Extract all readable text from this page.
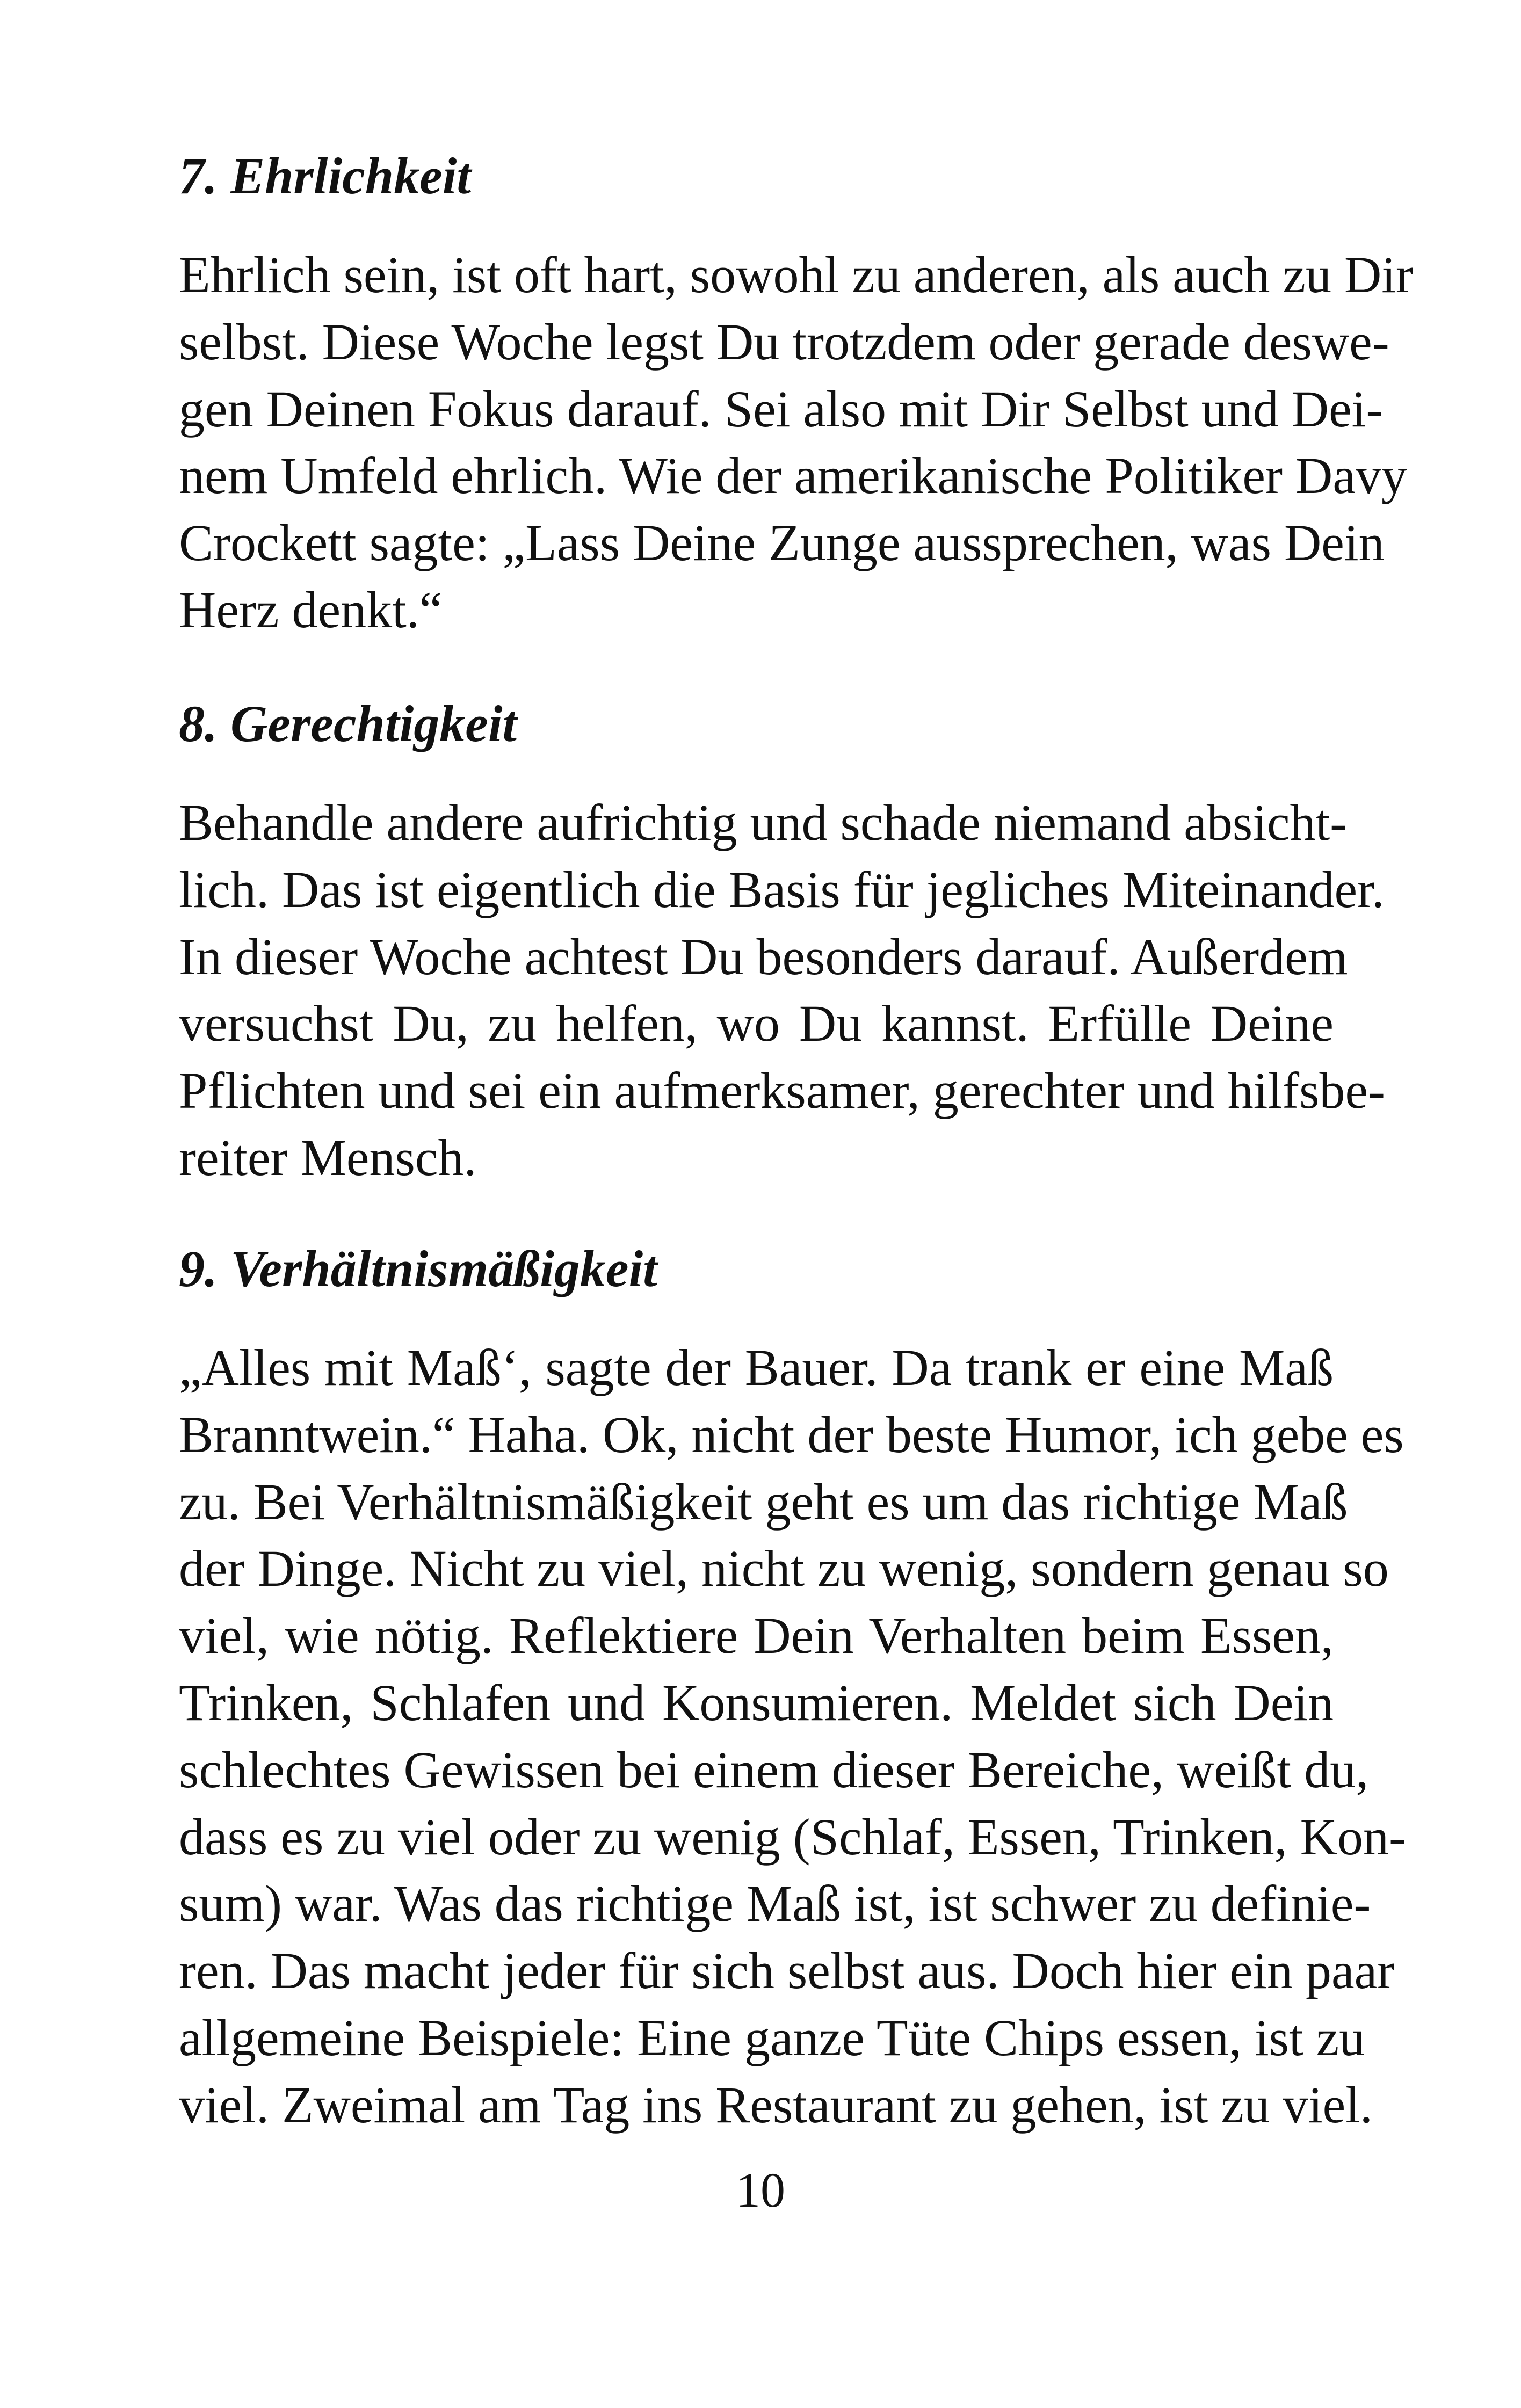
7. Ehrlichkeit
Ehrlich sein, ist oft hart, sowohl zu anderen, als auch zu Dir
selbst. Diese Woche legst Du trotzdem oder gerade deswe-
gen Deinen Fokus darauf. Sei also mit Dir Selbst und Dei-
nem Umfeld ehrlich. Wie der amerikanische Politiker Davy
Crockett sagte: „Lass Deine Zunge aussprechen, was Dein
Herz denkt.“
8. Gerechtigkeit
Behandle andere aufrichtig und schade niemand absicht-
lich. Das ist eigentlich die Basis für jegliches Miteinander.
In dieser Woche achtest Du besonders darauf. Außerdem
versuchst Du, zu helfen, wo Du kannst. Erfülle Deine
Pflichten und sei ein aufmerksamer, gerechter und hilfsbe-
reiter Mensch.
9. Verhältnismäßigkeit
„Alles mit Maß‘, sagte der Bauer. Da trank er eine Maß
Branntwein.“ Haha. Ok, nicht der beste Humor, ich gebe es
zu. Bei Verhältnismäßigkeit geht es um das richtige Maß
der Dinge. Nicht zu viel, nicht zu wenig, sondern genau so
viel, wie nötig. Reflektiere Dein Verhalten beim Essen,
Trinken, Schlafen und Konsumieren. Meldet sich Dein
schlechtes Gewissen bei einem dieser Bereiche, weißt du,
dass es zu viel oder zu wenig (Schlaf, Essen, Trinken, Kon-
sum) war. Was das richtige Maß ist, ist schwer zu definie-
ren. Das macht jeder für sich selbst aus. Doch hier ein paar
allgemeine Beispiele: Eine ganze Tüte Chips essen, ist zu
viel. Zweimal am Tag ins Restaurant zu gehen, ist zu viel.
10
